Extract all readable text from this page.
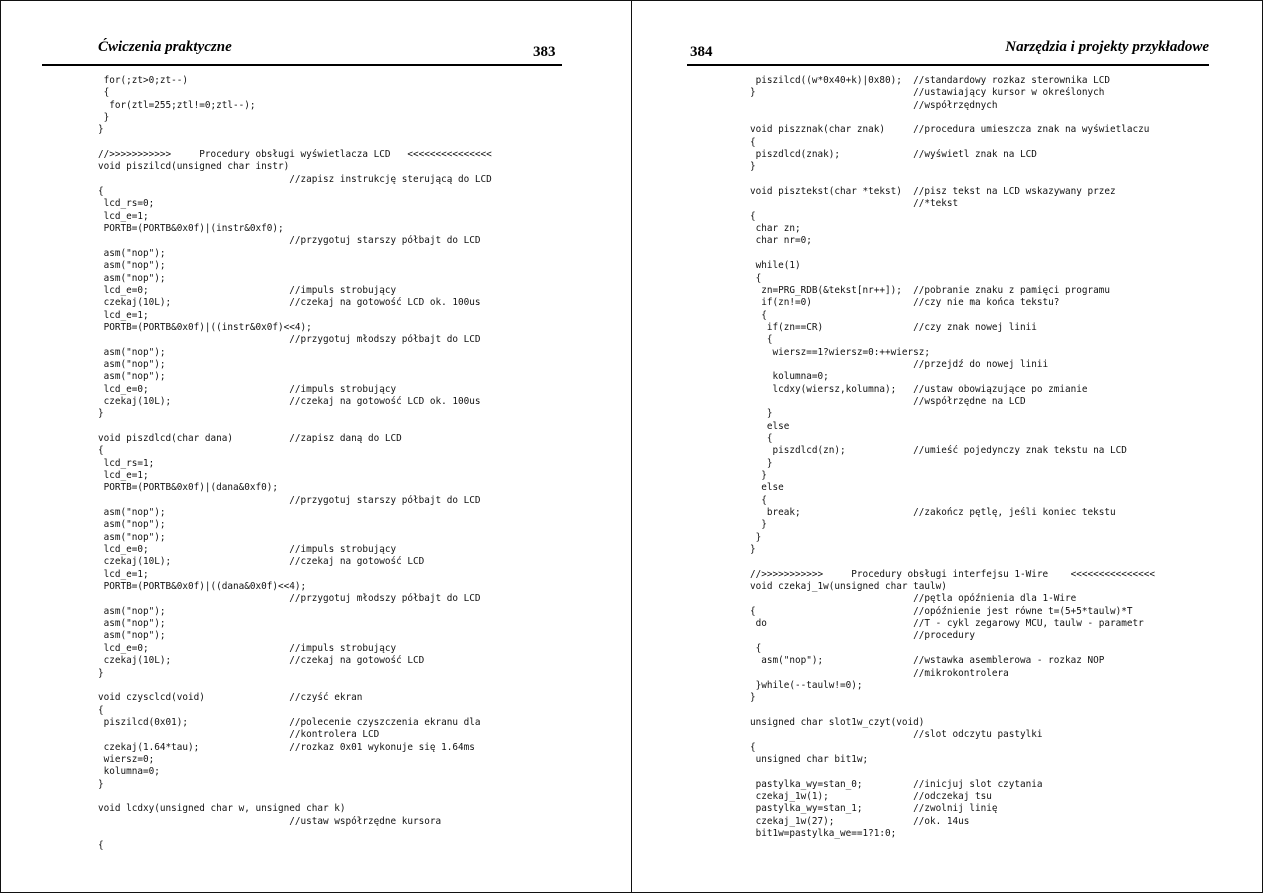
Ćwiczenia praktyczne	383
for(;zt>0;zt--)
{
for(ztl=255;ztl!=0;ztl--);
}
}
//>>>>>>>>>>>     Procedury obsługi wyświetlacza LCD   <<<<<<<<<<<<<<<
void piszilcd(unsigned char instr)
//zapisz instrukcję sterującą do LCD
{
lcd_rs=0;
lcd_e=1;
PORTB=(PORTB&0x0f)|(instr&0xf0);
//przygotuj starszy półbajt do LCD
asm("nop");
asm("nop");
asm("nop");
lcd_e=0;                         //impuls strobujący
czekaj(10L);                     //czekaj na gotowość LCD ok. 100us
lcd_e=1;
PORTB=(PORTB&0x0f)|((instr&0x0f)<<4);
//przygotuj młodszy półbajt do LCD
asm("nop");
asm("nop");
asm("nop");
lcd_e=0;                         //impuls strobujący
czekaj(10L);                     //czekaj na gotowość LCD ok. 100us
}
void piszdlcd(char dana)          //zapisz daną do LCD
{
lcd_rs=1;
lcd_e=1;
PORTB=(PORTB&0x0f)|(dana&0xf0);
//przygotuj starszy półbajt do LCD
asm("nop");
asm("nop");
asm("nop");
lcd_e=0;                         //impuls strobujący
czekaj(10L);                     //czekaj na gotowość LCD
lcd_e=1;
PORTB=(PORTB&0x0f)|((dana&0x0f)<<4);
//przygotuj młodszy półbajt do LCD
asm("nop");
asm("nop");
asm("nop");
lcd_e=0;                         //impuls strobujący
czekaj(10L);                     //czekaj na gotowość LCD
}
void czysclcd(void)               //czyść ekran
{
piszilcd(0x01);                  //polecenie czyszczenia ekranu dla
//kontrolera LCD
czekaj(1.64*tau);                //rozkaz 0x01 wykonuje się 1.64ms
wiersz=0;
kolumna=0;
}
void lcdxy(unsigned char w, unsigned char k)
//ustaw współrzędne kursora
{
384	Narzędzia i projekty przykładowe
piszilcd((w*0x40+k)|0x80);  //standardowy rozkaz sterownika LCD
}                            //ustawiający kursor w określonych
//współrzędnych
void piszznak(char znak)     //procedura umieszcza znak na wyświetlaczu
{
piszdlcd(znak);             //wyświetl znak na LCD
}
void pisztekst(char *tekst)  //pisz tekst na LCD wskazywany przez
//*tekst
{
char zn;
char nr=0;
while(1)
{
zn=PRG_RDB(&tekst[nr++]);  //pobranie znaku z pamięci programu
if(zn!=0)                  //czy nie ma końca tekstu?
{
if(zn==CR)                //czy znak nowej linii
{
wiersz==1?wiersz=0:++wiersz;
//przejdź do nowej linii
kolumna=0;
lcdxy(wiersz,kolumna);   //ustaw obowiązujące po zmianie
//współrzędne na LCD
}
else
{
piszdlcd(zn);            //umieść pojedynczy znak tekstu na LCD
}
}
else
{
break;                    //zakończ pętlę, jeśli koniec tekstu
}
}
}
//>>>>>>>>>>>     Procedury obsługi interfejsu 1-Wire    <<<<<<<<<<<<<<<
void czekaj_1w(unsigned char taulw)
//pętla opóźnienia dla 1-Wire
{                            //opóźnienie jest równe t=(5+5*taulw)*T
do                          //T - cykl zegarowy MCU, taulw - parametr
//procedury
{
asm("nop");                //wstawka asemblerowa - rozkaz NOP
//mikrokontrolera
}while(--taulw!=0);
}
unsigned char slot1w_czyt(void)
//slot odczytu pastylki
{
unsigned char bit1w;
pastylka_wy=stan_0;         //inicjuj slot czytania
czekaj_1w(1);               //odczekaj tsu
pastylka_wy=stan_1;         //zwolnij linię
czekaj_1w(27);              //ok. 14us
bit1w=pastylka_we==1?1:0;
